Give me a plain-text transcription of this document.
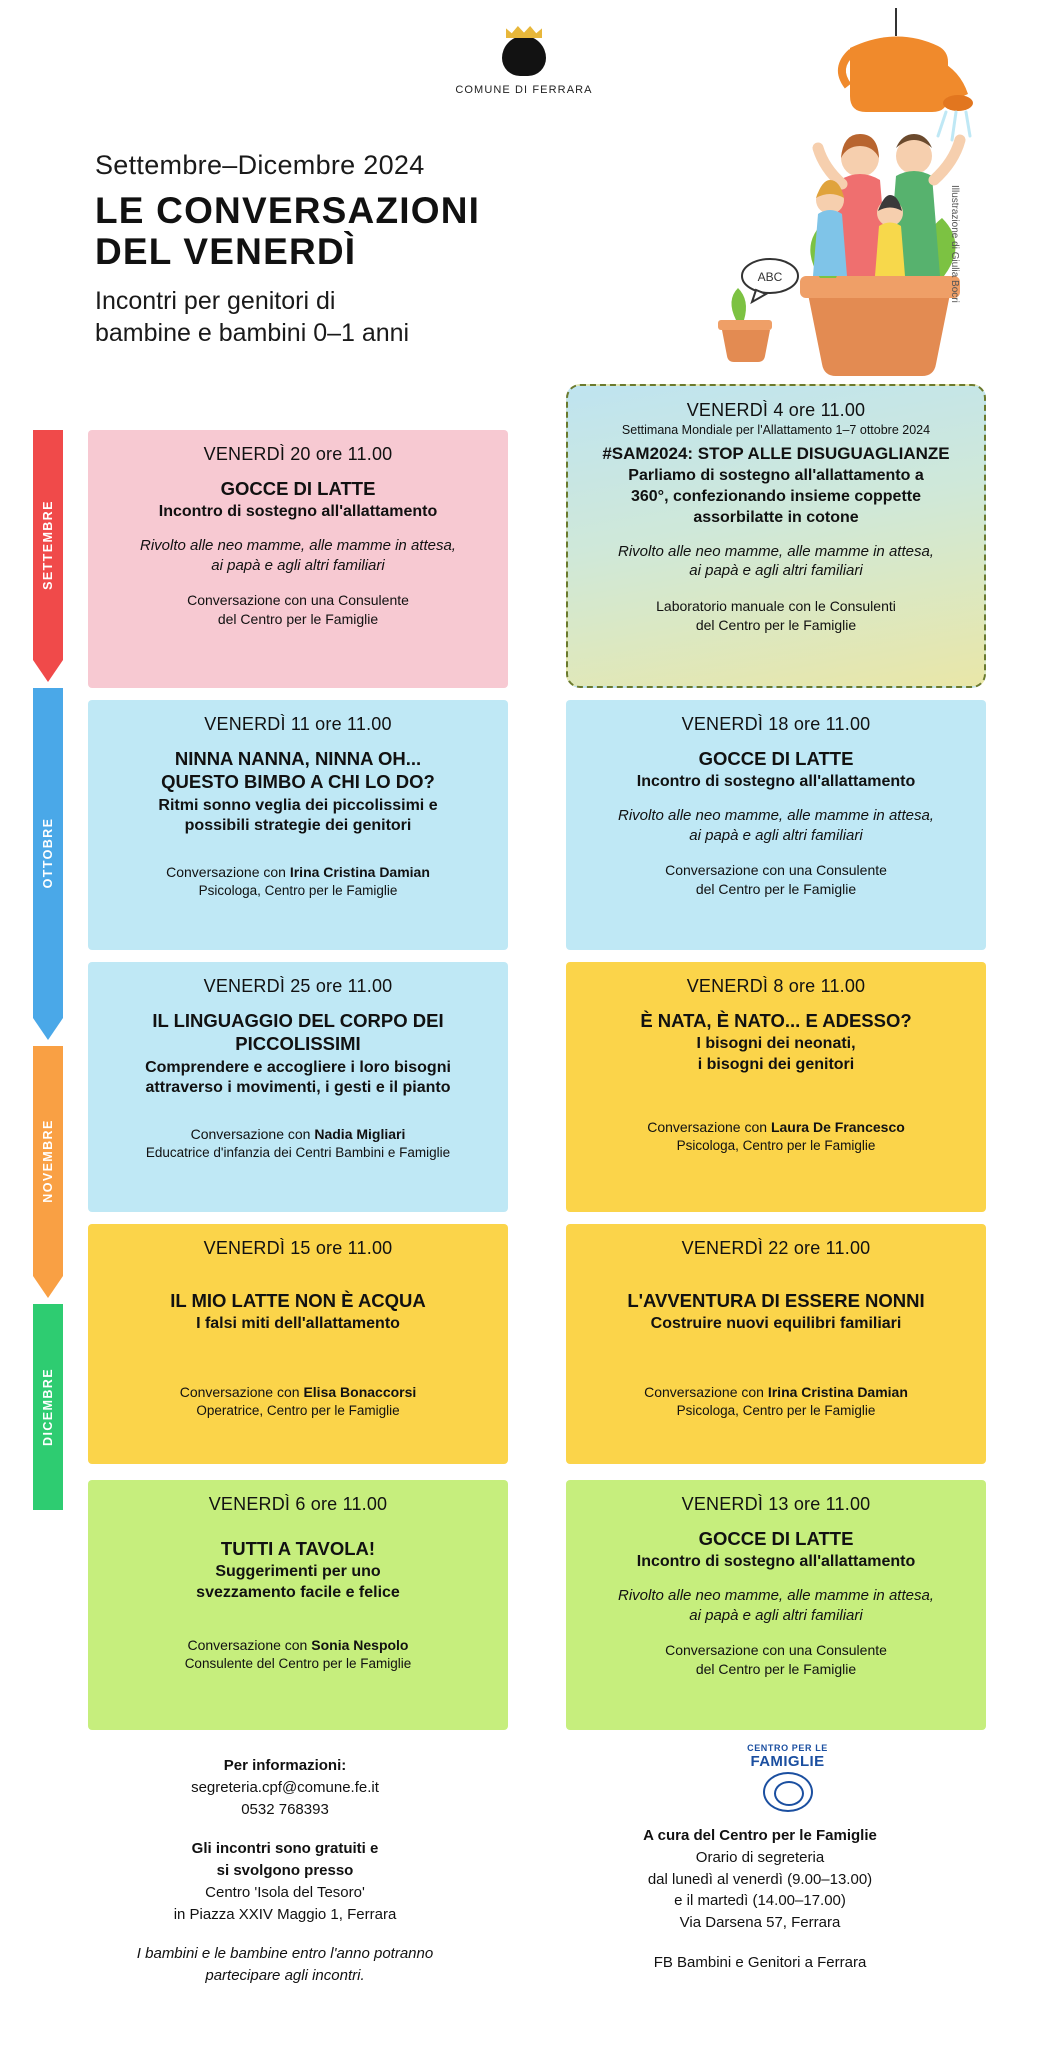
COMUNE DI FERRARA
ABC	Illustrazione di Giulia Bocri
Settembre–Dicembre 2024
LE CONVERSAZIONI
DEL VENERDÌ
Incontri per genitori di
bambine e bambini 0–1 anni
SETTEMBRE
OTTOBRE
NOVEMBRE
DICEMBRE
VENERDÌ 20 ore 11.00
GOCCE DI LATTE
Incontro di sostegno all'allattamento
Rivolto alle neo mamme, alle mamme in attesa,
ai papà e agli altri familiari
Conversazione con una Consulente
del Centro per le Famiglie
VENERDÌ 4 ore 11.00
Settimana Mondiale per l'Allattamento 1–7 ottobre 2024
#SAM2024: STOP ALLE DISUGUAGLIANZE
Parliamo di sostegno all'allattamento a
360°, confezionando insieme coppette
assorbilatte in cotone
Rivolto alle neo mamme, alle mamme in attesa,
ai papà e agli altri familiari
Laboratorio manuale con le Consulenti
del Centro per le Famiglie
VENERDÌ 11 ore 11.00
NINNA NANNA, NINNA OH...
QUESTO BIMBO A CHI LO DO?
Ritmi sonno veglia dei piccolissimi e
possibili strategie dei genitori
Conversazione con Irina Cristina Damian
Psicologa, Centro per le Famiglie
VENERDÌ 18 ore 11.00
GOCCE DI LATTE
Incontro di sostegno all'allattamento
Rivolto alle neo mamme, alle mamme in attesa,
ai papà e agli altri familiari
Conversazione con una Consulente
del Centro per le Famiglie
VENERDÌ 25 ore 11.00
IL LINGUAGGIO DEL CORPO DEI
PICCOLISSIMI
Comprendere e accogliere i loro bisogni
attraverso i movimenti, i gesti e il pianto
Conversazione con Nadia Migliari
Educatrice d'infanzia dei Centri Bambini e Famiglie
VENERDÌ 8 ore 11.00
È NATA, È NATO... E ADESSO?
I bisogni dei neonati,
i bisogni dei genitori
Conversazione con Laura De Francesco
Psicologa, Centro per le Famiglie
VENERDÌ 15 ore 11.00
IL MIO LATTE NON È ACQUA
I falsi miti dell'allattamento
Conversazione con Elisa Bonaccorsi
Operatrice, Centro per le Famiglie
VENERDÌ 22 ore 11.00
L'AVVENTURA DI ESSERE NONNI
Costruire nuovi equilibri familiari
Conversazione con Irina Cristina Damian
Psicologa, Centro per le Famiglie
VENERDÌ 6 ore 11.00
TUTTI A TAVOLA!
Suggerimenti per uno
svezzamento facile e felice
Conversazione con Sonia Nespolo
Consulente del Centro per le Famiglie
VENERDÌ 13 ore 11.00
GOCCE DI LATTE
Incontro di sostegno all'allattamento
Rivolto alle neo mamme, alle mamme in attesa,
ai papà e agli altri familiari
Conversazione con una Consulente
del Centro per le Famiglie
Per informazioni:
segreteria.cpf@comune.fe.it
0532 768393
Gli incontri sono gratuiti e
si svolgono presso
Centro 'Isola del Tesoro'
in Piazza XXIV Maggio 1, Ferrara
I bambini e le bambine entro l'anno potranno
partecipare agli incontri.
CENTRO PER LE
FAMIGLIE
A cura del Centro per le Famiglie
Orario di segreteria
dal lunedì al venerdì (9.00–13.00)
e il martedì (14.00–17.00)
Via Darsena 57, Ferrara
FB Bambini e Genitori a Ferrara
